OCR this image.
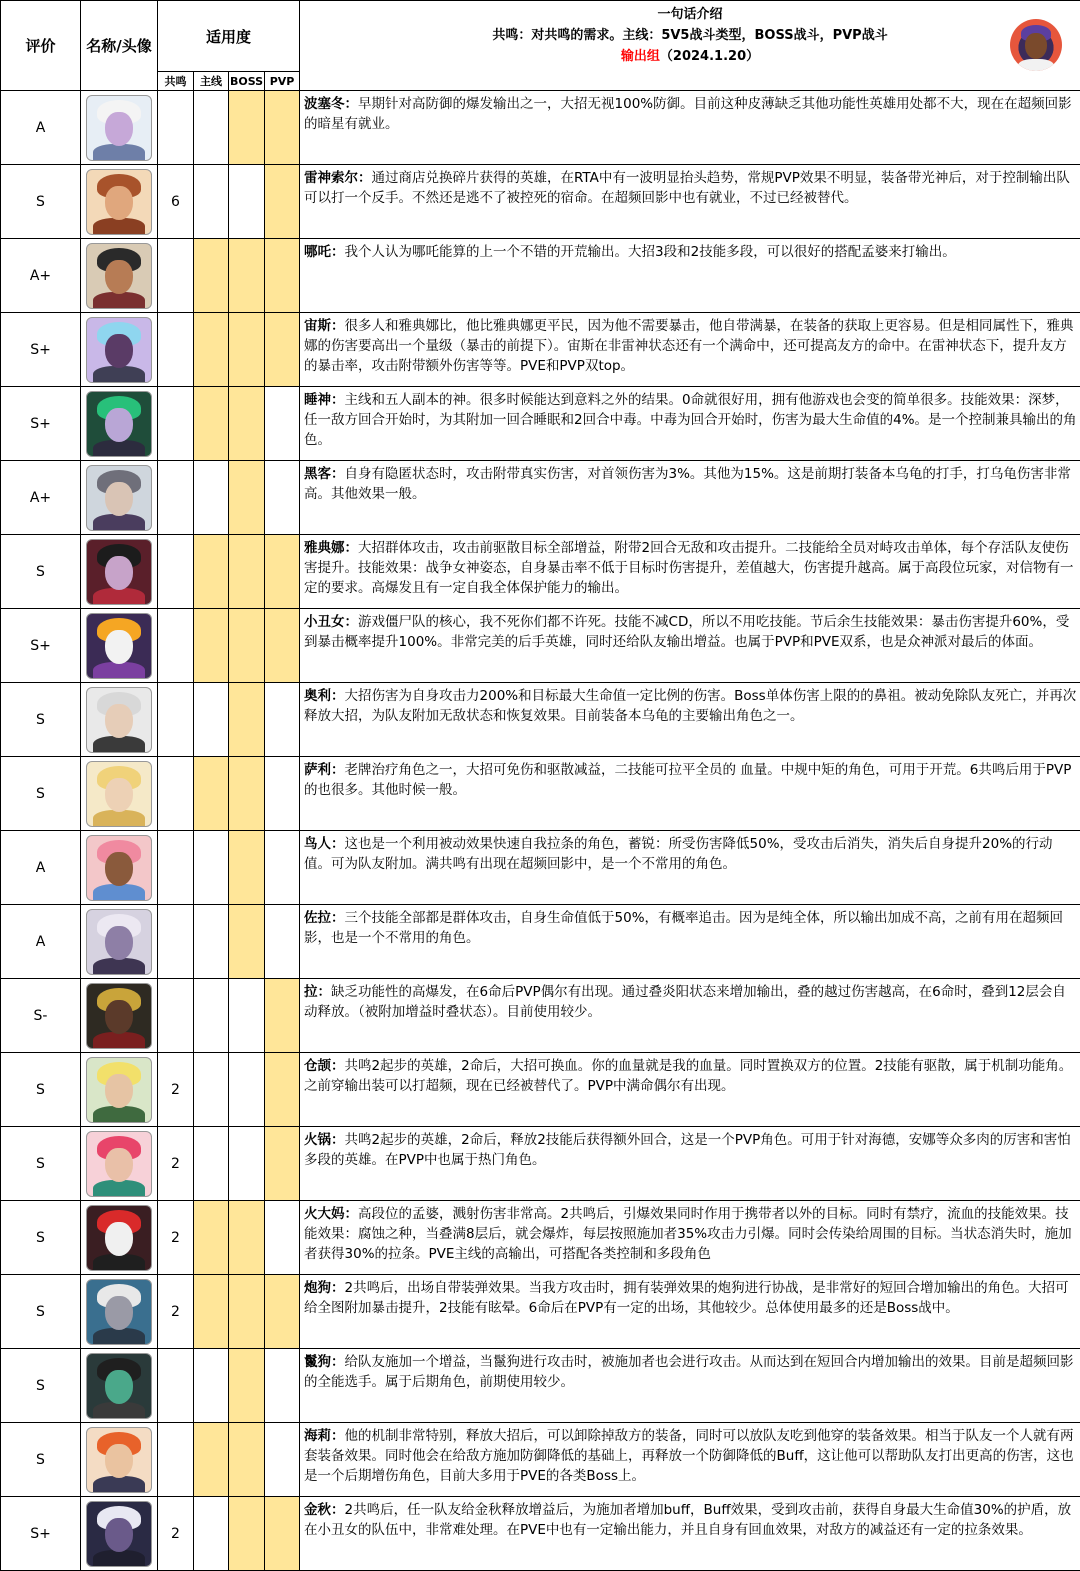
评价	名称/头像	适用度				一句话介绍
共鸣：对共鸣的需求。主线：5V5战斗类型，BOSS战斗，PVP战斗
输出组（2024.1.20）

		共鸣	主线	BOSS	PVP	
A						波塞冬：早期针对高防御的爆发输出之一，大招无视100%防御。目前这种皮薄缺乏其他功能性英雄用处都不大，现在在超频回影的暗星有就业。
S		6				雷神索尔：通过商店兑换碎片获得的英雄，在RTA中有一波明显抬头趋势，常规PVP效果不明显，装备带光神后，对于控制输出队可以打一个反手。不然还是逃不了被控死的宿命。在超频回影中也有就业，不过已经被替代。
A+						哪吒：我个人认为哪吒能算的上一个不错的开荒输出。大招3段和2技能多段，可以很好的搭配孟婆来打输出。
S+						宙斯：很多人和雅典娜比，他比雅典娜更平民，因为他不需要暴击，他自带满暴，在装备的获取上更容易。但是相同属性下，雅典娜的伤害要高出一个量级（暴击的前提下）。宙斯在非雷神状态还有一个满命中，还可提高友方的命中。在雷神状态下，提升友方的暴击率，攻击附带额外伤害等等。PVE和PVP双top。
S+						睡神：主线和五人副本的神。很多时候能达到意料之外的结果。0命就很好用，拥有他游戏也会变的简单很多。技能效果：深梦，任一敌方回合开始时，为其附加一回合睡眠和2回合中毒。中毒为回合开始时，伤害为最大生命值的4%。是一个控制兼具输出的角色。
A+						黑客：自身有隐匿状态时，攻击附带真实伤害，对首领伤害为3%。其他为15%。这是前期打装备本乌龟的打手，打乌龟伤害非常高。其他效果一般。
S						雅典娜：大招群体攻击，攻击前驱散目标全部增益，附带2回合无敌和攻击提升。二技能给全员对峙攻击单体，每个存活队友使伤害提升。技能效果：战争女神姿态，自身暴击率不低于目标时伤害提升，差值越大，伤害提升越高。属于高段位玩家，对信物有一定的要求。高爆发且有一定自我全体保护能力的输出。
S+						小丑女：游戏僵尸队的核心，我不死你们都不许死。技能不减CD，所以不用吃技能。节后余生技能效果：暴击伤害提升60%，受到暴击概率提升100%。非常完美的后手英雄，同时还给队友输出增益。也属于PVP和PVE双系，也是众神派对最后的体面。
S						奥利：大招伤害为自身攻击力200%和目标最大生命值一定比例的伤害。Boss单体伤害上限的的鼻祖。被动免除队友死亡，并再次释放大招，为队友附加无敌状态和恢复效果。目前装备本乌龟的主要输出角色之一。
S						萨利：老牌治疗角色之一，大招可免伤和驱散减益，二技能可拉平全员的 血量。中规中矩的角色，可用于开荒。6共鸣后用于PVP的也很多。其他时候一般。
A						鸟人：这也是一个利用被动效果快速自我拉条的角色，蓄锐：所受伤害降低50%，受攻击后消失，消失后自身提升20%的行动值。可为队友附加。满共鸣有出现在超频回影中，是一个不常用的角色。
A						佐拉：三个技能全部都是群体攻击，自身生命值低于50%，有概率追击。因为是纯全体，所以输出加成不高，之前有用在超频回影，也是一个不常用的角色。
S-						拉：缺乏功能性的高爆发，在6命后PVP偶尔有出现。通过叠炎阳状态来增加输出，叠的越过伤害越高，在6命时，叠到12层会自动释放。（被附加增益时叠状态）。目前使用较少。
S		2				仓颉：共鸣2起步的英雄，2命后，大招可换血。你的血量就是我的血量。同时置换双方的位置。2技能有驱散，属于机制功能角。之前穿输出装可以打超频，现在已经被替代了。PVP中满命偶尔有出现。
S		2				火锅：共鸣2起步的英雄，2命后，释放2技能后获得额外回合，这是一个PVP角色。可用于针对海德，安娜等众多肉的厉害和害怕多段的英雄。在PVP中也属于热门角色。
S		2				火大妈：高段位的孟婆，溅射伤害非常高。2共鸣后，引爆效果同时作用于携带者以外的目标。同时有禁疗，流血的技能效果。技能效果：腐蚀之种，当叠满8层后，就会爆炸，每层按照施加者35%攻击力引爆。同时会传染给周围的目标。当状态消失时，施加者获得30%的拉条。PVE主线的高输出，可搭配各类控制和多段角色
S		2				炮狗：2共鸣后，出场自带装弹效果。当我方攻击时，拥有装弹效果的炮狗进行协战，是非常好的短回合增加输出的角色。大招可给全图附加暴击提升，2技能有眩晕。6命后在PVP有一定的出场，其他较少。总体使用最多的还是Boss战中。
S						鬣狗：给队友施加一个增益，当鬣狗进行攻击时，被施加者也会进行攻击。从而达到在短回合内增加输出的效果。目前是超频回影的全能选手。属于后期角色，前期使用较少。
S						海莉：他的机制非常特别，释放大招后，可以卸除掉敌方的装备，同时可以放队友吃到他穿的装备效果。相当于队友一个人就有两套装备效果。同时他会在给敌方施加防御降低的基础上，再释放一个防御降低的Buff，这让他可以帮助队友打出更高的伤害，这也是一个后期增伤角色，目前大多用于PVE的各类Boss上。
S+		2				金秋：2共鸣后，任一队友给金秋释放增益后，为施加者增加buff，Buff效果，受到攻击前，获得自身最大生命值30%的护盾，放在小丑女的队伍中，非常难处理。在PVE中也有一定输出能力，并且自身有回血效果，对敌方的减益还有一定的拉条效果。
